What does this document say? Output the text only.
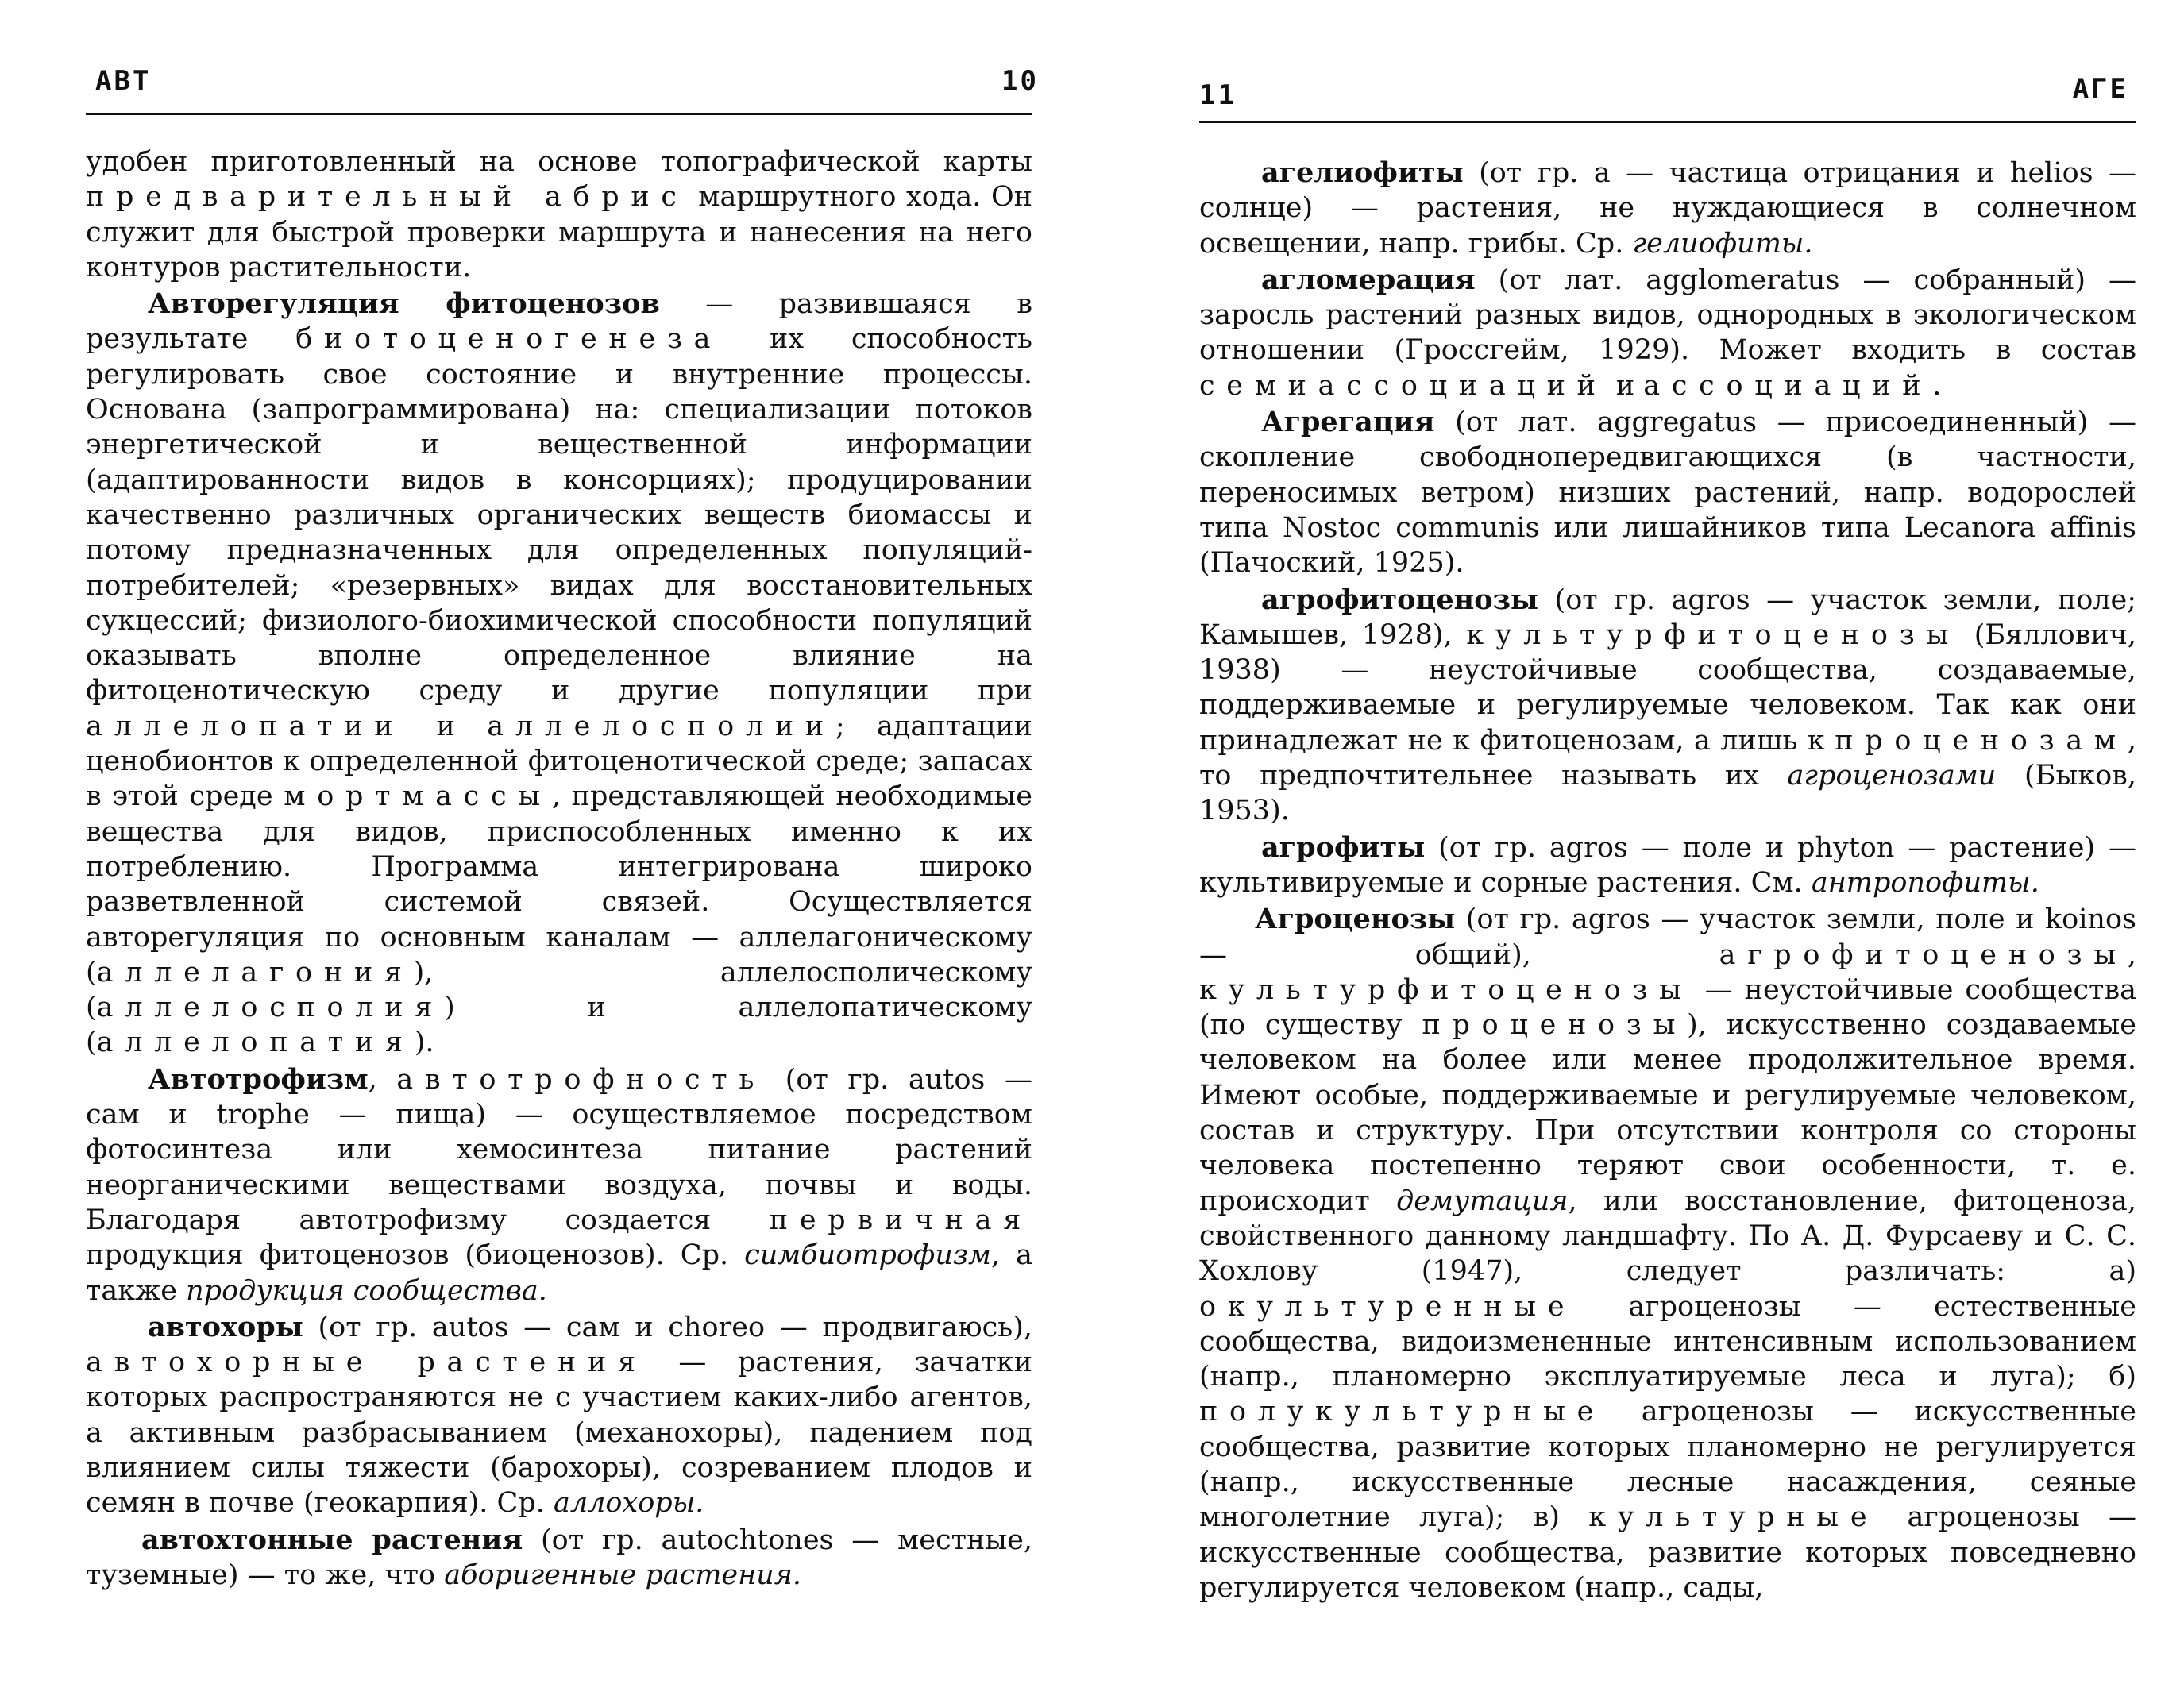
АВТ	10

удобен приготовленный на основе топографической карты предварительный абрис маршрутного хода. Он служит для быстрой проверки маршрута и нанесения на него контуров растительности.

Авторегуляция фитоценозов — развившаяся в результате биотоценогенеза их способность регулировать свое состояние и внутренние процессы. Основана (запрограммирована) на: специализации потоков энергетической и вещественной информации (адаптированности видов в консорциях); продуцировании качественно различных органических веществ биомассы и потому предназначенных для определенных популяций-потребителей; «резервных» видах для восстановительных сукцессий; физиолого-биохимической способности популяций оказывать вполне определенное влияние на фитоценотическую среду и другие популяции при аллелопатии и аллелосполии; адаптации ценобионтов к определенной фитоценотической среде; запасах в этой среде мортмассы, представляющей необходимые вещества для видов, приспособленных именно к их потреблению. Программа интегрирована широко разветвленной системой связей. Осуществляется авторегуляция по основным каналам — аллелагоническому (аллелагония), аллелосполическому (аллелосполия) и аллелопатическому (аллелопатия).

Автотрофизм, автотрофность (от гр. autos — сам и trophe — пища) — осуществляемое посредством фотосинтеза или хемосинтеза питание растений неорганическими веществами воздуха, почвы и воды. Благодаря автотрофизму создается первичная продукция фитоценозов (биоценозов). Ср. симбиотрофизм, а также продукция сообщества.

автохоры (от гр. autos — сам и choreo — продвигаюсь), автохорные растения — растения, зачатки которых распространяются не с участием каких-либо агентов, а активным разбрасыванием (механохоры), падением под влиянием силы тяжести (барохоры), созреванием плодов и семян в почве (геокарпия). Ср. аллохоры.

автохтонные растения (от гр. autochtones — местные, туземные) — то же, что аборигенные растения.

11	АГЕ

агелиофиты (от гр. a — частица отрицания и helios — солнце) — растения, не нуждающиеся в солнечном освещении, напр. грибы. Ср. гелиофиты.

агломерация (от лат. agglomeratus — собранный) — заросль растений разных видов, однородных в экологическом отношении (Гроссгейм, 1929). Может входить в состав семиассоциаций и ассоциаций.

Агрегация (от лат. aggregatus — присоединенный) — скопление свободнопередвигающихся (в частности, переносимых ветром) низших растений, напр. водорослей типа Nostoc communis или лишайников типа Lecanora affinis (Пачоский, 1925).

агрофитоценозы (от гр. agros — участок земли, поле; Камышев, 1928), культурфитоценозы (Бяллович, 1938) — неустойчивые сообщества, создаваемые, поддерживаемые и регулируемые человеком. Так как они принадлежат не к фитоценозам, а лишь к проценозам, то предпочтительнее называть их агроценозами (Быков, 1953).

агрофиты (от гр. agros — поле и phyton — растение) — культивируемые и сорные растения. См. антропофиты.

Агроценозы (от гр. agros — участок земли, поле и koinos — общий), агрофитоценозы, культурфитоценозы — неустойчивые сообщества (по существу проценозы), искусственно создаваемые человеком на более или менее продолжительное время. Имеют особые, поддерживаемые и регулируемые человеком, состав и структуру. При отсутствии контроля со стороны человека постепенно теряют свои особенности, т. е. происходит демутация, или восстановление, фитоценоза, свойственного данному ландшафту. По А. Д. Фурсаеву и С. С. Хохлову (1947), следует различать: а) окультуренные агроценозы — естественные сообщества, видоизмененные интенсивным использованием (напр., планомерно эксплуатируемые леса и луга); б) полукультурные агроценозы — искусственные сообщества, развитие которых планомерно не регулируется (напр., искусственные лесные насаждения, сеяные многолетние луга); в) культурные агроценозы — искусственные сообщества, развитие которых повседневно регулируется человеком (напр., сады,
